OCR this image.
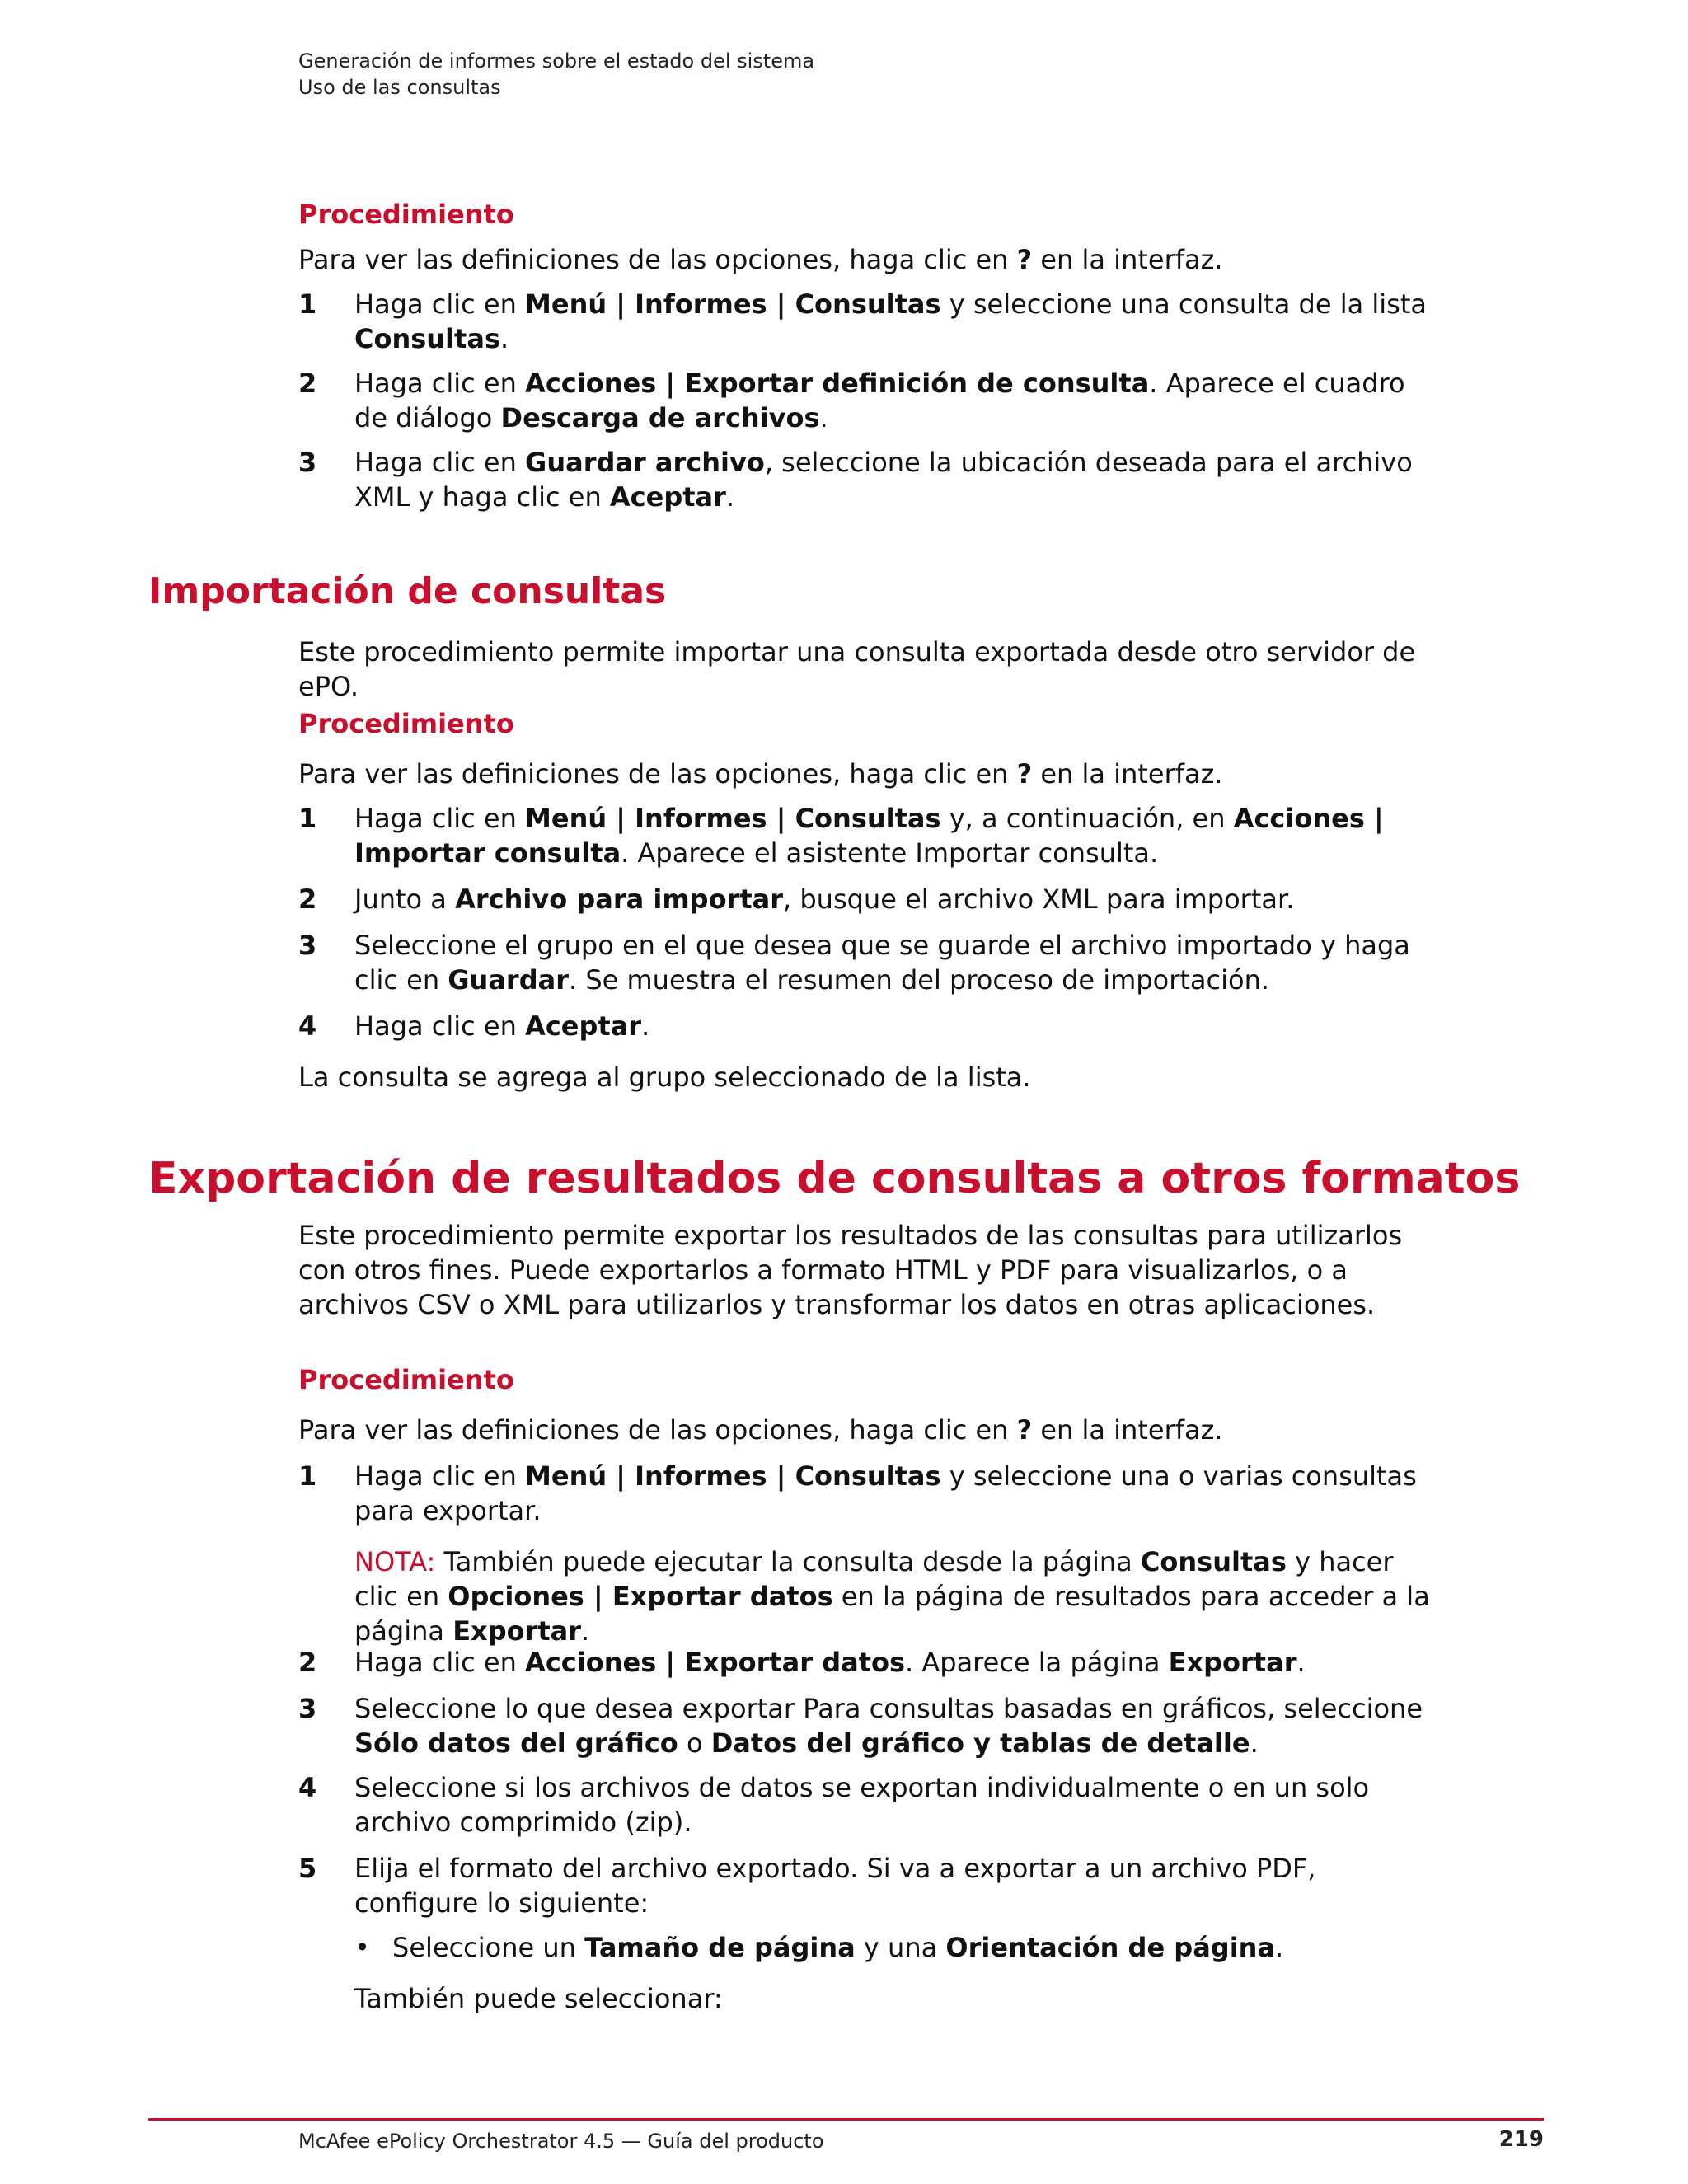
Generación de informes sobre el estado del sistema
Uso de las consultas
Procedimiento

Para ver las definiciones de las opciones, haga clic en ? en la interfaz.

1 Haga clic en Menú | Informes | Consultas y seleccione una consulta de la lista Consultas.
2 Haga clic en Acciones | Exportar definición de consulta. Aparece el cuadro de diálogo Descarga de archivos.
3 Haga clic en Guardar archivo, seleccione la ubicación deseada para el archivo XML y haga clic en Aceptar.
Importación de consultas

Este procedimiento permite importar una consulta exportada desde otro servidor de ePO.

Procedimiento

Para ver las definiciones de las opciones, haga clic en ? en la interfaz.

1 Haga clic en Menú | Informes | Consultas y, a continuación, en Acciones | Importar consulta. Aparece el asistente Importar consulta.
2 Junto a Archivo para importar, busque el archivo XML para importar.
3 Seleccione el grupo en el que desea que se guarde el archivo importado y haga clic en Guardar. Se muestra el resumen del proceso de importación.
4 Haga clic en Aceptar.

La consulta se agrega al grupo seleccionado de la lista.

Exportación de resultados de consultas a otros formatos

Este procedimiento permite exportar los resultados de las consultas para utilizarlos con otros fines. Puede exportarlos a formato HTML y PDF para visualizarlos, o a archivos CSV o XML para utilizarlos y transformar los datos en otras aplicaciones.

Procedimiento

Para ver las definiciones de las opciones, haga clic en ? en la interfaz.

1 Haga clic en Menú | Informes | Consultas y seleccione una o varias consultas para exportar.
NOTA: También puede ejecutar la consulta desde la página Consultas y hacer clic en Opciones | Exportar datos en la página de resultados para acceder a la página Exportar.
2 Haga clic en Acciones | Exportar datos. Aparece la página Exportar.
3 Seleccione lo que desea exportar Para consultas basadas en gráficos, seleccione Sólo datos del gráfico o Datos del gráfico y tablas de detalle.
4 Seleccione si los archivos de datos se exportan individualmente o en un solo archivo comprimido (zip).
5 Elija el formato del archivo exportado. Si va a exportar a un archivo PDF, configure lo siguiente:
• Seleccione un Tamaño de página y una Orientación de página.

También puede seleccionar:

McAfee ePolicy Orchestrator 4.5 — Guía del producto	219
